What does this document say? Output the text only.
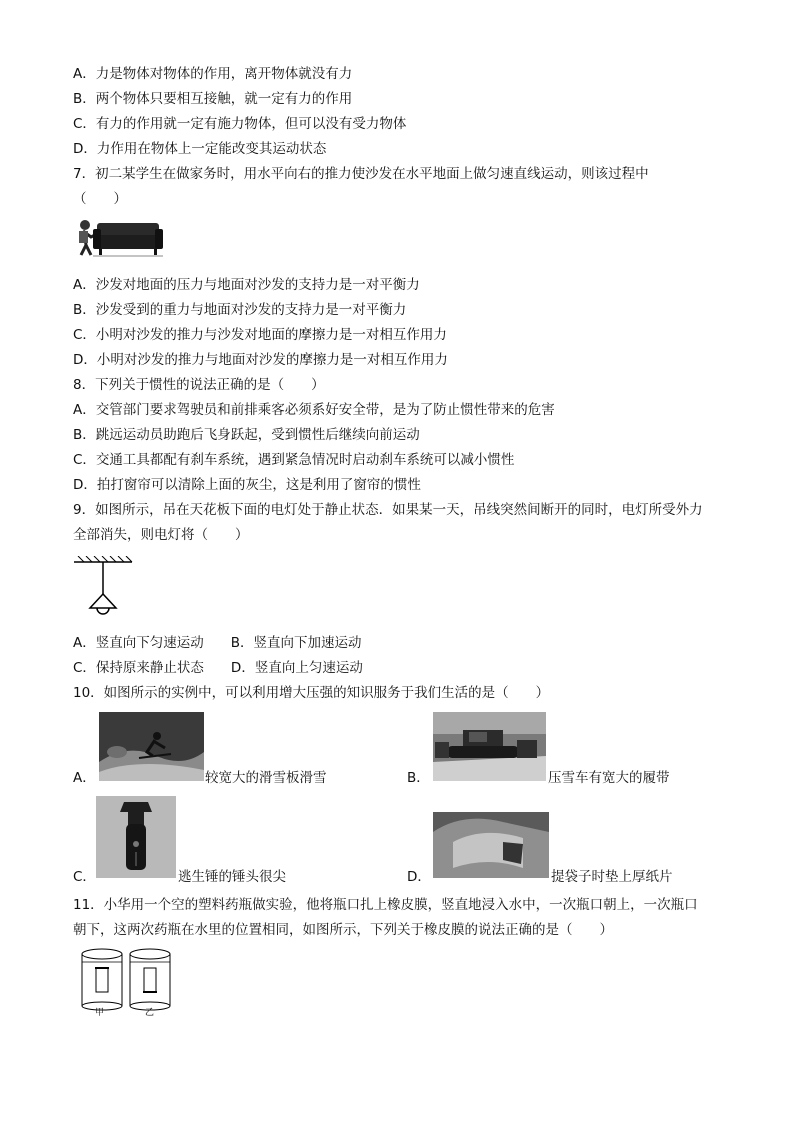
A．力是物体对物体的作用，离开物体就没有力
B．两个物体只要相互接触，就一定有力的作用
C．有力的作用就一定有施力物体，但可以没有受力物体
D．力作用在物体上一定能改变其运动状态
7．初二某学生在做家务时，用水平向右的推力使沙发在水平地面上做匀速直线运动，则该过程中
（　　）
A．沙发对地面的压力与地面对沙发的支持力是一对平衡力
B．沙发受到的重力与地面对沙发的支持力是一对平衡力
C．小明对沙发的推力与沙发对地面的摩擦力是一对相互作用力
D．小明对沙发的推力与地面对沙发的摩擦力是一对相互作用力
8．下列关于惯性的说法正确的是（　　）
A．交管部门要求驾驶员和前排乘客必须系好安全带，是为了防止惯性带来的危害
B．跳远运动员助跑后飞身跃起，受到惯性后继续向前运动
C．交通工具都配有刹车系统，遇到紧急情况时启动刹车系统可以减小惯性
D．拍打窗帘可以清除上面的灰尘，这是利用了窗帘的惯性
9．如图所示，吊在天花板下面的电灯处于静止状态．如果某一天，吊线突然间断开的同时，电灯所受外力
全部消失，则电灯将（　　）
A．竖直向下匀速运动　　B．竖直向下加速运动
C．保持原来静止状态　　D．竖直向上匀速运动
10．如图所示的实例中，可以利用增大压强的知识服务于我们生活的是（　　）
A．	较宽大的滑雪板滑雪	B．	压雪车有宽大的履带
C．	逃生锤的锤头很尖	D．	提袋子时垫上厚纸片
11．小华用一个空的塑料药瓶做实验，他将瓶口扎上橡皮膜，竖直地浸入水中，一次瓶口朝上，一次瓶口
朝下，这两次药瓶在水里的位置相同，如图所示，下列关于橡皮膜的说法正确的是（　　）
甲	乙
